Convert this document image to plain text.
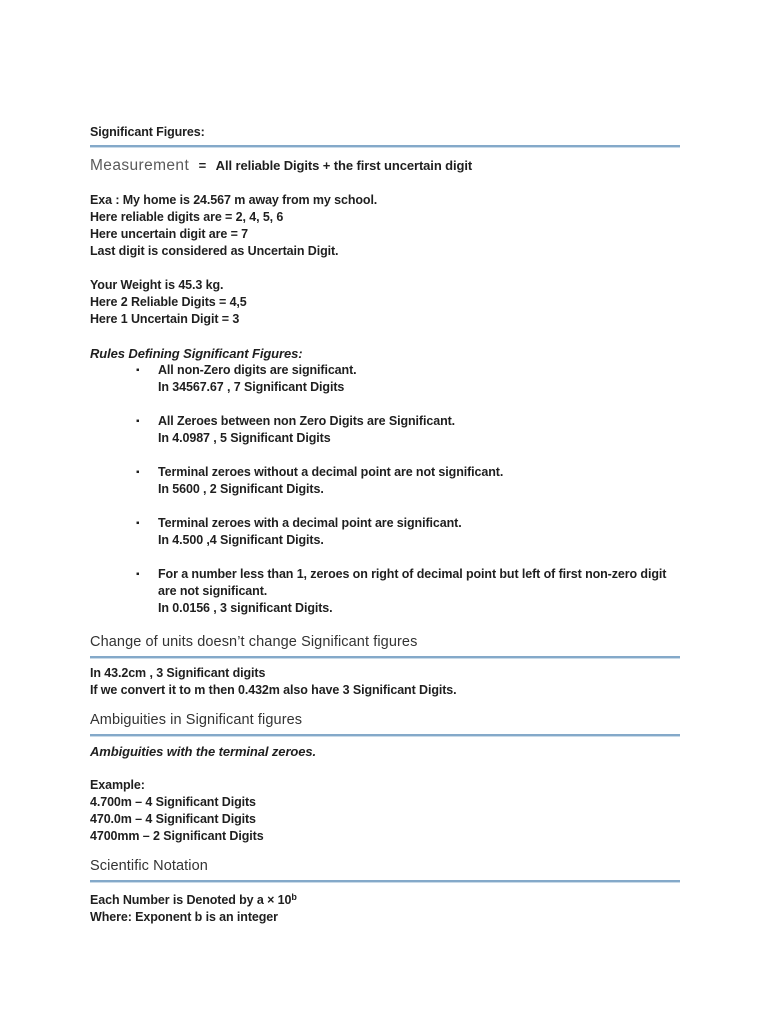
Significant Figures:

Measurement = All reliable Digits + the first uncertain digit

Exa : My home is 24.567 m away from my school.
Here reliable digits are = 2, 4, 5, 6
Here uncertain digit are = 7
Last digit is considered as Uncertain Digit.
Your Weight is 45.3 kg.
Here 2 Reliable Digits = 4,5
Here 1 Uncertain Digit = 3

Rules Defining Significant Figures:

▪ All non-Zero digits are significant.
In 34567.67 , 7 Significant Digits
▪ All Zeroes between non Zero Digits are Significant.
In 4.0987 , 5 Significant Digits
▪ Terminal zeroes without a decimal point are not significant.
In 5600 , 2 Significant Digits.
▪ Terminal zeroes with a decimal point are significant.
In 4.500 ,4 Significant Digits.
▪ For a number less than 1, zeroes on right of decimal point but left of first non-zero digit are not significant.
In 0.0156 , 3 significant Digits.
Change of units doesn’t change Significant figures
In 43.2cm , 3 Significant digits
If we convert it to m then 0.432m also have 3 Significant Digits.
Ambiguities in Significant figures

Ambiguities with the terminal zeroes.

Example:
4.700m – 4 Significant Digits
470.0m – 4 Significant Digits
4700mm – 2 Significant Digits
Scientific Notation
Each Number is Denoted by $a \times 10^b$
Where: Exponent b is an integer
